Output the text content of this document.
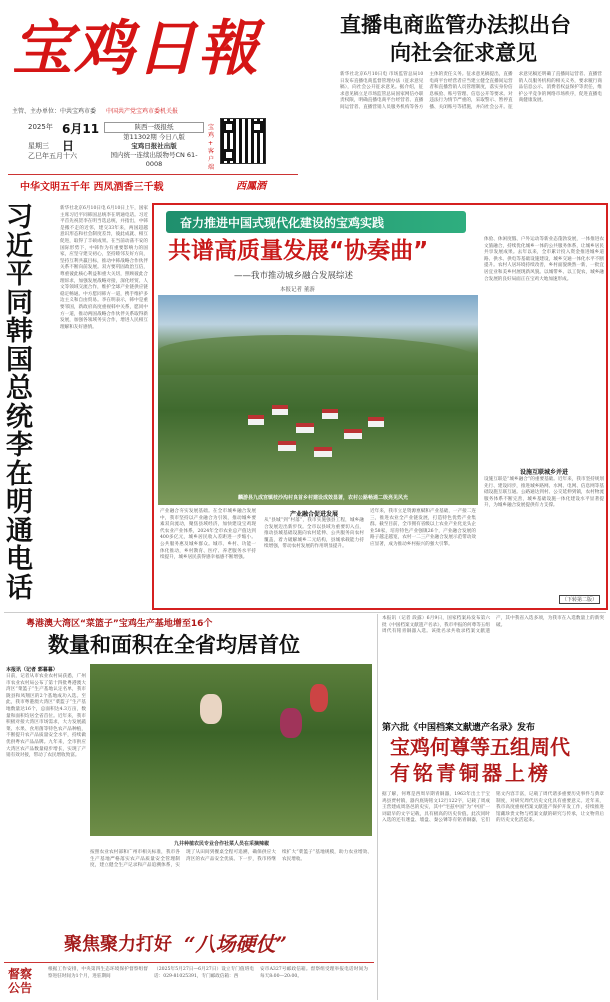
宝鸡日報
主管、主办单位：中共宝鸡市委 中国共产党宝鸡市委机关报
2025年 6月11日
星期三
乙巳年五月十六
陕西一级报纸
第11302期 今日八版
宝鸡日报社出版
国内统一连续出版物号CN 61-0008
宝鸡+ 客户端
中华文明五千年 西凤酒香三千载	西鳳酒
直播电商监管办法拟出台
向社会征求意见
新华社北京6月10日电 市场监管总局10日发布直播电商监督管理办法（征求意见稿），向社会公开征求意见。据介绍，征求意见稿立足市场监管总局国家网信办职责权限，明确直播电商平台经营者、直播间运营者、直播营销人员服务机构等各方主体的责任义务。征求意见稿提出，直播电商平台经营者应当建立健全直播间运营者和直播营销人员管理制度，落实身份信息核验、账号管理、信息公开等要求。对违法行为情节严重的，采取警示、暂停直播、关闭账号等措施，并向社会公开。征求意见稿还明确了直播间运营者、直播营销人员服务机构的相关义务，要求履行商品信息公示、消费者权益保护等责任，维护公平竞争的网络市场秩序，促进直播电商健康发展。
习近平同韩国总统李在明通电话
新华社北京6月10日电 6月10日上午，国家主席习近平同韩国总统李在明通电话。习近平首先祝贺李在明当选总统，并指出，中韩是搬不走的近邻，建交33年来，两国超越意识形态和社会制度差异，彼此成就、相互促进，取得了丰硕成果。在当前动荡不安的国际形势下，中韩作为有重要影响力的国家，应坚守建交初心，坚持睦邻友好方向，坚持互利共赢目标，推动中韩战略合作伙伴关系不断向前发展。双方要巩固政治互信，尊重彼此核心利益和重大关切，照顾彼此合理诉求，加强发展战略对接，深化经贸、人文等领域交流合作，维护全球产业链供应链稳定畅通。中方愿同韩方一道，携手维护多边主义和自由贸易。李在明表示，韩中是重要邻国，新政府高度重视韩中关系，愿同中方一道，推动两国战略合作伙伴关系取得新发展，加强各领域务实合作，增进人民相互理解和友好感情。
奋力推进中国式现代化建设的宝鸡实践
共谱高质量发展“协奏曲”
——我市推动城乡融合发展综述
本报记者 董游
麟游县九成宫镇枝沙沟村良首乡村建设成效显著，农村公路畅通二级亮见风光
产业融合夯实发展基础。在全市城乡融合发展中，我市坚持以产业融合为引领，推动城乡要素双向流动，聚焦县域经济，加快建设宝鸡现代农业产业体系，2024年全市农业总产值达到400多亿元，城乡居民收入差距进一步缩小。公共服务惠及城乡群众。城市、乡村、功能一体化推动，乡村教育、医疗、养老服务水平持续提升，城乡居民获得感幸福感不断增强。
产业融合促进发展
从“县城”到“村落”，我市实施强县工程，城乡融合发展迈出新步伐。全市以县域为重要切入点，推动县城基础设施向农村延伸、公共服务向农村覆盖，着力破解城乡二元结构，县城承载能力持续增强，带动农村发展的作用明显提升。
近年来，我市立足资源禀赋和产业基础，一产接二连三，推进农业全产业链发展，打造特色优势产业集群。截至目前，全市拥有省级以上农业产业化龙头企业58家，培育特色产业强镇26个，产业融合发展的路子越走越宽，农村一二三产业融合发展示范带动效应显著，成为推动乡村振兴的强大引擎。
体验、休闲度假、户外运动等新业态蓬勃发展，一体推进农文旅融合，持续优化城乡一体的公共服务体系，让城乡居民共享发展成果。去年以来，全市累计投入资金推进城乡道路、供水、供电等基础设施建设，城乡交通一体化水平不断提升。农村人居环境持续改善，乡村面貌焕然一新，一批宜居宜业和美乡村展现新风貌。以城带乡、以工促农，城乡融合发展的良好局面正在宝鸡大地加速形成。
设施互联城乡并进
设施互联是“城乡融合”的重要基础。近年来，我市坚持规划先行、建设同步，推进城乡路网、水网、电网、信息网等基础设施互联互通。公路通达到村、公交延伸到镇，农村物流服务体系不断完善，城乡基础设施一体化建设水平显著提升，为城乡融合发展提供有力支撑。
（下转第二版）
粤港澳大湾区“菜篮子”宝鸡生产基地增至16个
数量和面积在全省均居首位
本报讯（记者 郭暮暮）
日前，记者从市农业农村局获悉，广州市农业农村局公布了第十四批粤港澳大湾区“菜篮子”生产基地认定名单，我市陇县和凤翔区的2个基地成功入选。至此，我市粤港澳大湾区“菜篮子”生产基地数量达16个，总面积达4.3万亩，数量和面积均居全省首位。近年来，我市积极对接大湾区市场需求，大力发展蔬菜、水果、食用菌等特色农产品种植，不断提升农产品质量安全水平，持续做优供粤农产品品牌。九年来，全市供应大湾区农产品数量稳步增长，实现了产销有效对接，带动了农民增收致富。
九井种植农民专业合作社菜人员在采摘辣椒
按照农业农村部和广州市相关标准，我市各生产基地严格落实农产品质量安全管理制度，建立健全生产记录和产品追溯体系，实现了从田间到餐桌全程可追溯，确保供应大湾区的农产品安全优质。下一步，我市将继续扩大“菜篮子”基地规模，助力农业增效、农民增收。
聚焦聚力打好 “八场硬仗”
督察公告
根据工作安排，中央第四生态环境保护督察组督察进驻时间为1个月，进驻期间
（2025年5月27日—6月27日）设立专门值班电话：029-81025391，专门邮政信箱：西
安市A327号邮政信箱。督察组受理举报电话时间为每天8:00—20:00。
本报讯（记者 段露）6月9日，国家档案局发布第六批《中国档案文献遗产名录》，我市申报的何尊等五组周代有铭青铜器入选。该批名录共收录档案文献遗产，其中我省入选多项，为我市在入选数量上的新突破。
第六批《中国档案文献遗产名录》发布
宝鸡何尊等五组周代
有铭青铜器上榜
据了解，何尊是西周早期青铜器，1963年出土于宝鸡县贾村镇，器内底铸铭文12行122字，记载了周成王营建成周洛邑的史实，其中“宅兹中国”为“中国”一词最早的文字记载，具有极高的历史价值。此次同时入选的还有逨盘、墙盘、秦公镈等有铭青铜器，它们铭文内容丰富，记载了周代诸多重要历史事件与典章制度，对研究周代历史文化具有重要意义。近年来，我市高度重视档案文献遗产保护开发工作，持续推进馆藏珍贵文物与档案文献的研究与传承，让文物背后的历史文化活起来。
